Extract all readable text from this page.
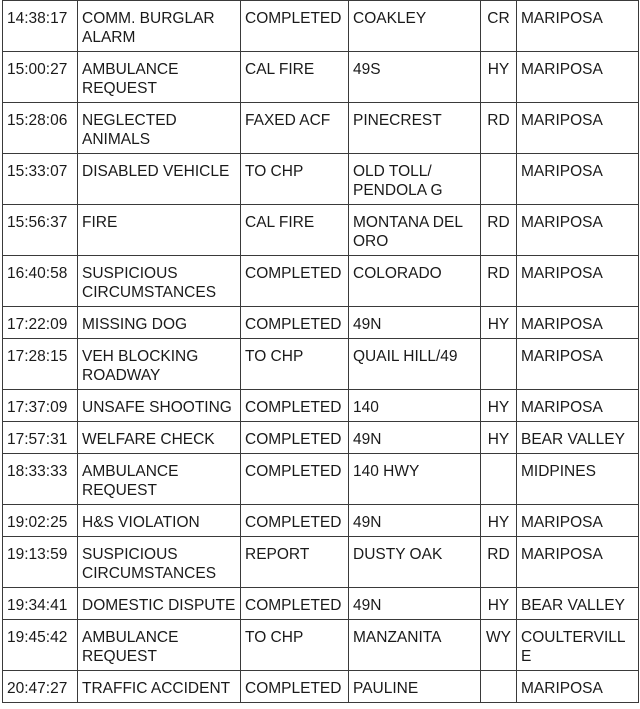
14:38:17	COMM. BURGLAR ALARM	COMPLETED	COAKLEY	CR	MARIPOSA
15:00:27	AMBULANCE REQUEST	CAL FIRE	49S	HY	MARIPOSA
15:28:06	NEGLECTED ANIMALS	FAXED ACF	PINECREST	RD	MARIPOSA
15:33:07	DISABLED VEHICLE	TO CHP	OLD TOLL/ PENDOLA G		MARIPOSA
15:56:37	FIRE	CAL FIRE	MONTANA DEL ORO	RD	MARIPOSA
16:40:58	SUSPICIOUS CIRCUMSTANCES	COMPLETED	COLORADO	RD	MARIPOSA
17:22:09	MISSING DOG	COMPLETED	49N	HY	MARIPOSA
17:28:15	VEH BLOCKING ROADWAY	TO CHP	QUAIL HILL/49		MARIPOSA
17:37:09	UNSAFE SHOOTING	COMPLETED	140	HY	MARIPOSA
17:57:31	WELFARE CHECK	COMPLETED	49N	HY	BEAR VALLEY
18:33:33	AMBULANCE REQUEST	COMPLETED	140 HWY		MIDPINES
19:02:25	H&S VIOLATION	COMPLETED	49N	HY	MARIPOSA
19:13:59	SUSPICIOUS CIRCUMSTANCES	REPORT	DUSTY OAK	RD	MARIPOSA
19:34:41	DOMESTIC DISPUTE	COMPLETED	49N	HY	BEAR VALLEY
19:45:42	AMBULANCE REQUEST	TO CHP	MANZANITA	WY	COULTERVILLE
20:47:27	TRAFFIC ACCIDENT	COMPLETED	PAULINE		MARIPOSA
